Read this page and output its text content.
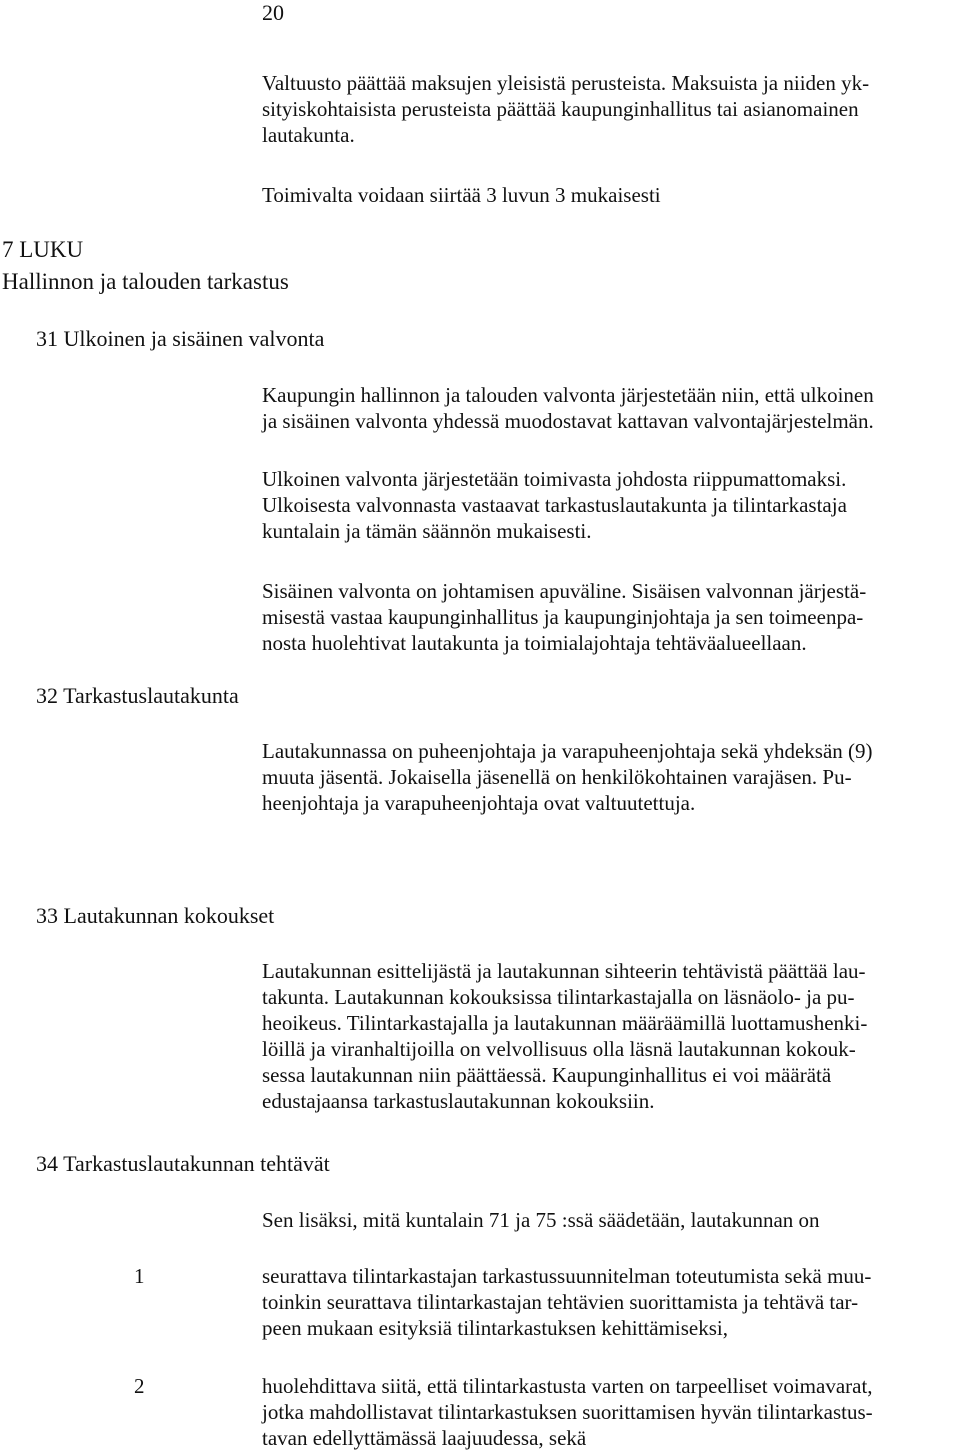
20

Valtuusto päättää maksujen yleisistä perusteista. Maksuista ja niiden yk-

sityiskohtaisista perusteista päättää kaupunginhallitus tai asianomainen

lautakunta.

Toimivalta voidaan siirtää 3 luvun 3 mukaisesti

7 LUKU
Hallinnon ja talouden tarkastus
31 Ulkoinen ja sisäinen valvonta

Kaupungin hallinnon ja talouden valvonta järjestetään niin, että ulkoinen

ja sisäinen valvonta yhdessä muodostavat kattavan valvontajärjestelmän.

Ulkoinen valvonta järjestetään toimivasta johdosta riippumattomaksi.

Ulkoisesta valvonnasta vastaavat tarkastuslautakunta ja tilintarkastaja

kuntalain ja tämän säännön mukaisesti.

Sisäinen valvonta on johtamisen apuväline. Sisäisen valvonnan järjestä-

misestä vastaa kaupunginhallitus ja kaupunginjohtaja ja sen toimeenpa-

nosta huolehtivat lautakunta ja toimialajohtaja tehtäväalueellaan.

32 Tarkastuslautakunta

Lautakunnassa on puheenjohtaja ja varapuheenjohtaja sekä yhdeksän (9)

muuta jäsentä. Jokaisella jäsenellä on henkilökohtainen varajäsen. Pu-

heenjohtaja ja varapuheenjohtaja ovat valtuutettuja.

33 Lautakunnan kokoukset

Lautakunnan esittelijästä ja lautakunnan sihteerin tehtävistä päättää lau-

takunta. Lautakunnan kokouksissa tilintarkastajalla on läsnäolo- ja pu-

heoikeus. Tilintarkastajalla ja lautakunnan määräämillä luottamushenki-

löillä ja viranhaltijoilla on velvollisuus olla läsnä lautakunnan kokouk-

sessa lautakunnan niin päättäessä. Kaupunginhallitus ei voi määrätä

edustajaansa tarkastuslautakunnan kokouksiin.

34 Tarkastuslautakunnan tehtävät

Sen lisäksi, mitä kuntalain 71 ja 75 :ssä säädetään, lautakunnan on

1	seurattava tilintarkastajan tarkastussuunnitelman toteutumista sekä muu-

toinkin seurattava tilintarkastajan tehtävien suorittamista ja tehtävä tar-

peen mukaan esityksiä tilintarkastuksen kehittämiseksi,

2	huolehdittava siitä, että tilintarkastusta varten on tarpeelliset voimavarat,

jotka mahdollistavat tilintarkastuksen suorittamisen hyvän tilintarkastus-

tavan edellyttämässä laajuudessa, sekä
